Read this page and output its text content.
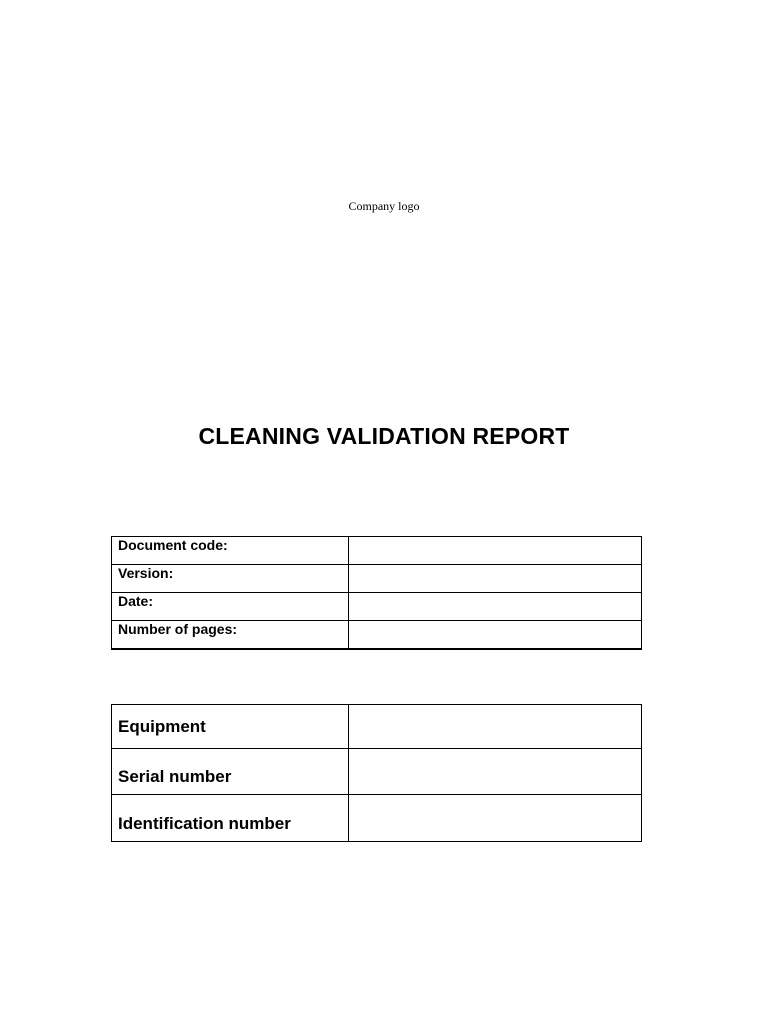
Company logo
CLEANING VALIDATION REPORT
Document code:	
Version:	
Date:	
Number of pages:	
Equipment	
Serial number	
Identification number	
